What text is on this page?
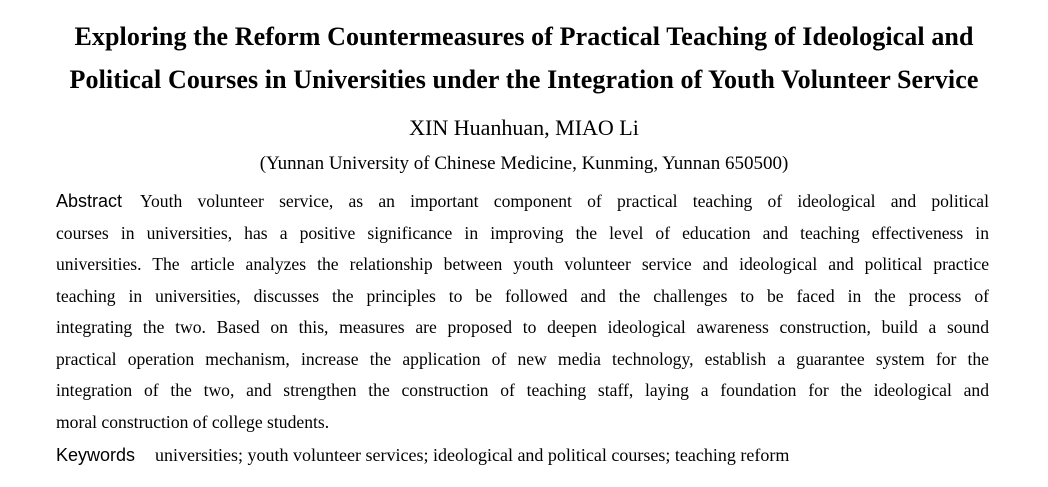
Exploring the Reform Countermeasures of Practical Teaching of Ideological and
Political Courses in Universities under the Integration of Youth Volunteer Service
XIN Huanhuan, MIAO Li
(Yunnan University of Chinese Medicine, Kunming, Yunnan 650500)
Abstract Youth volunteer service, as an important component of practical teaching of ideological and political
courses in universities, has a positive significance in improving the level of education and teaching effectiveness in
universities. The article analyzes the relationship between youth volunteer service and ideological and political practice
teaching in universities, discusses the principles to be followed and the challenges to be faced in the process of
integrating the two. Based on this, measures are proposed to deepen ideological awareness construction, build a sound
practical operation mechanism, increase the application of new media technology, establish a guarantee system for the
integration of the two, and strengthen the construction of teaching staff, laying a foundation for the ideological and
moral construction of college students.
Keywords universities; youth volunteer services; ideological and political courses; teaching reform
